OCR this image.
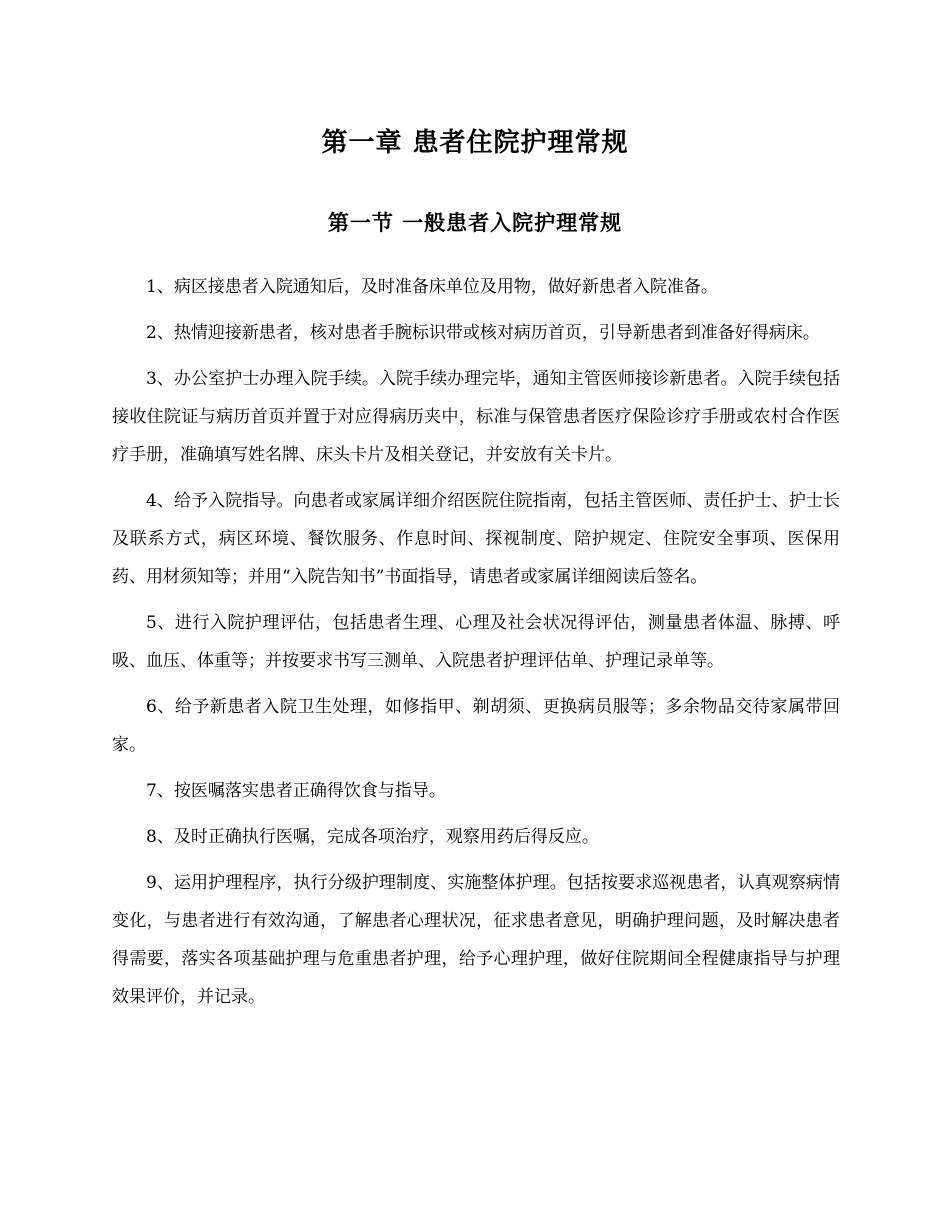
第一章 患者住院护理常规
第一节 一般患者入院护理常规

1、病区接患者入院通知后，及时准备床单位及用物，做好新患者入院准备。

2、热情迎接新患者，核对患者手腕标识带或核对病历首页，引导新患者到准备好得病床。

3、办公室护士办理入院手续。入院手续办理完毕，通知主管医师接诊新患者。入院手续包括接收住院证与病历首页并置于对应得病历夹中，标准与保管患者医疗保险诊疗手册或农村合作医疗手册，准确填写姓名牌、床头卡片及相关登记，并安放有关卡片。

4、给予入院指导。向患者或家属详细介绍医院住院指南，包括主管医师、责任护士、护士长及联系方式，病区环境、餐饮服务、作息时间、探视制度、陪护规定、住院安全事项、医保用药、用材须知等；并用“入院告知书”书面指导，请患者或家属详细阅读后签名。

5、进行入院护理评估，包括患者生理、心理及社会状况得评估，测量患者体温、脉搏、呼吸、血压、体重等；并按要求书写三测单、入院患者护理评估单、护理记录单等。

6、给予新患者入院卫生处理，如修指甲、剃胡须、更换病员服等；多余物品交待家属带回家。

7、按医嘱落实患者正确得饮食与指导。

8、及时正确执行医嘱，完成各项治疗，观察用药后得反应。

9、运用护理程序，执行分级护理制度、实施整体护理。包括按要求巡视患者，认真观察病情变化，与患者进行有效沟通，了解患者心理状况，征求患者意见，明确护理问题，及时解决患者得需要，落实各项基础护理与危重患者护理，给予心理护理，做好住院期间全程健康指导与护理效果评价，并记录。
